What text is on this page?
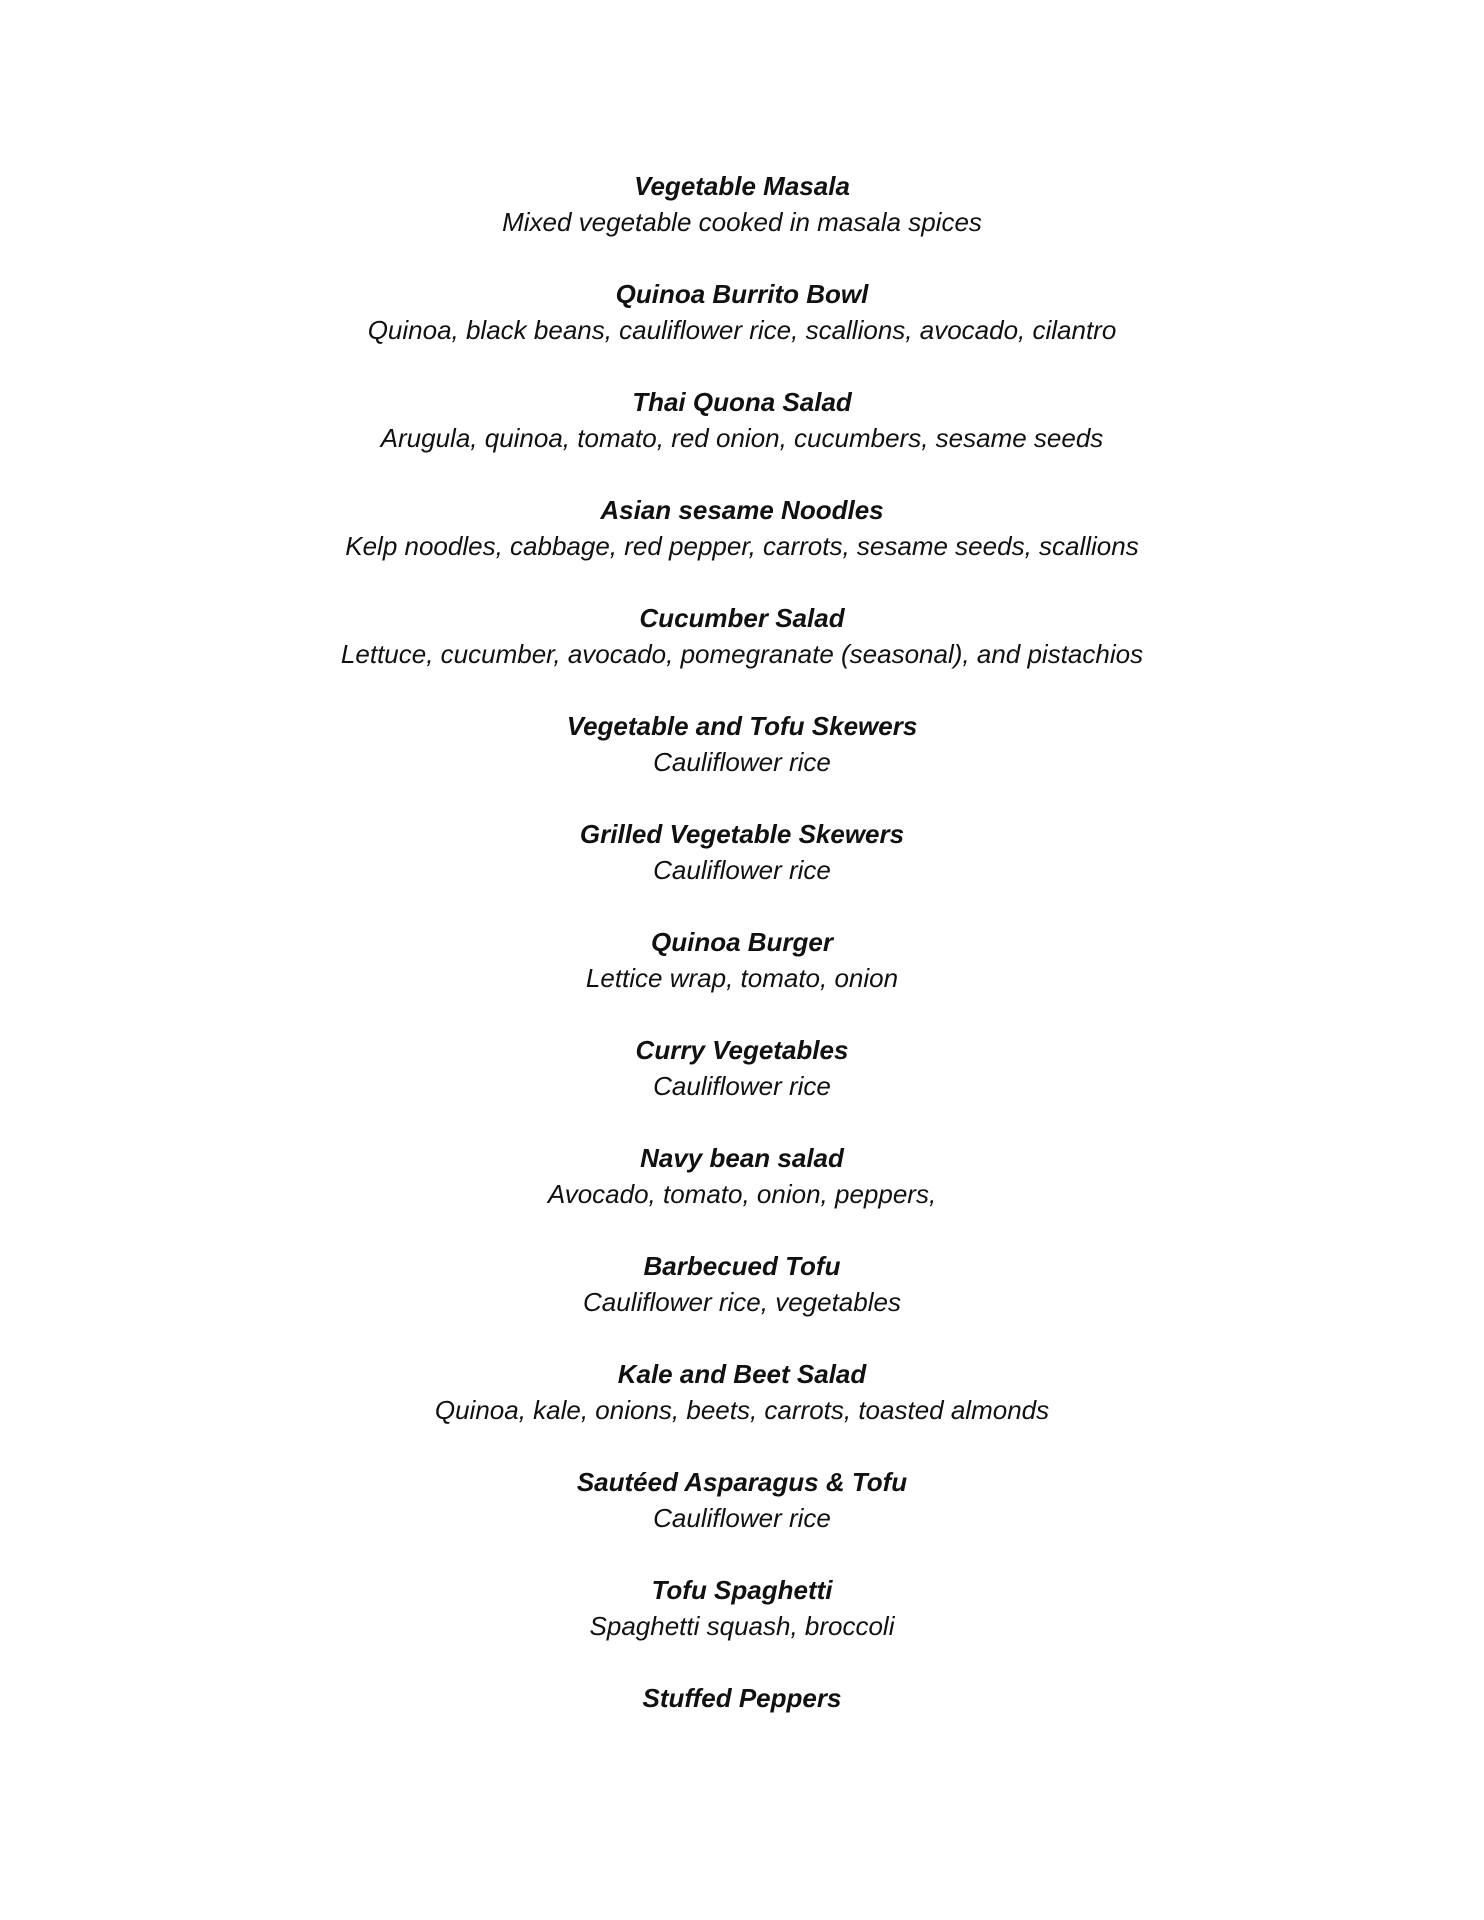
Vegetable Masala
Mixed vegetable cooked in masala spices
Quinoa Burrito Bowl
Quinoa, black beans, cauliflower rice, scallions, avocado, cilantro
Thai Quona Salad
Arugula, quinoa, tomato, red onion, cucumbers, sesame seeds
Asian sesame Noodles
Kelp noodles, cabbage, red pepper, carrots, sesame seeds, scallions
Cucumber Salad
Lettuce, cucumber, avocado, pomegranate (seasonal), and pistachios
Vegetable and Tofu Skewers
Cauliflower rice
Grilled Vegetable Skewers
Cauliflower rice
Quinoa Burger
Lettice wrap, tomato, onion
Curry Vegetables
Cauliflower rice
Navy bean salad
Avocado, tomato, onion, peppers,
Barbecued Tofu
Cauliflower rice, vegetables
Kale and Beet Salad
Quinoa, kale, onions, beets, carrots, toasted almonds
Sautéed Asparagus & Tofu
Cauliflower rice
Tofu Spaghetti
Spaghetti squash, broccoli
Stuffed Peppers
